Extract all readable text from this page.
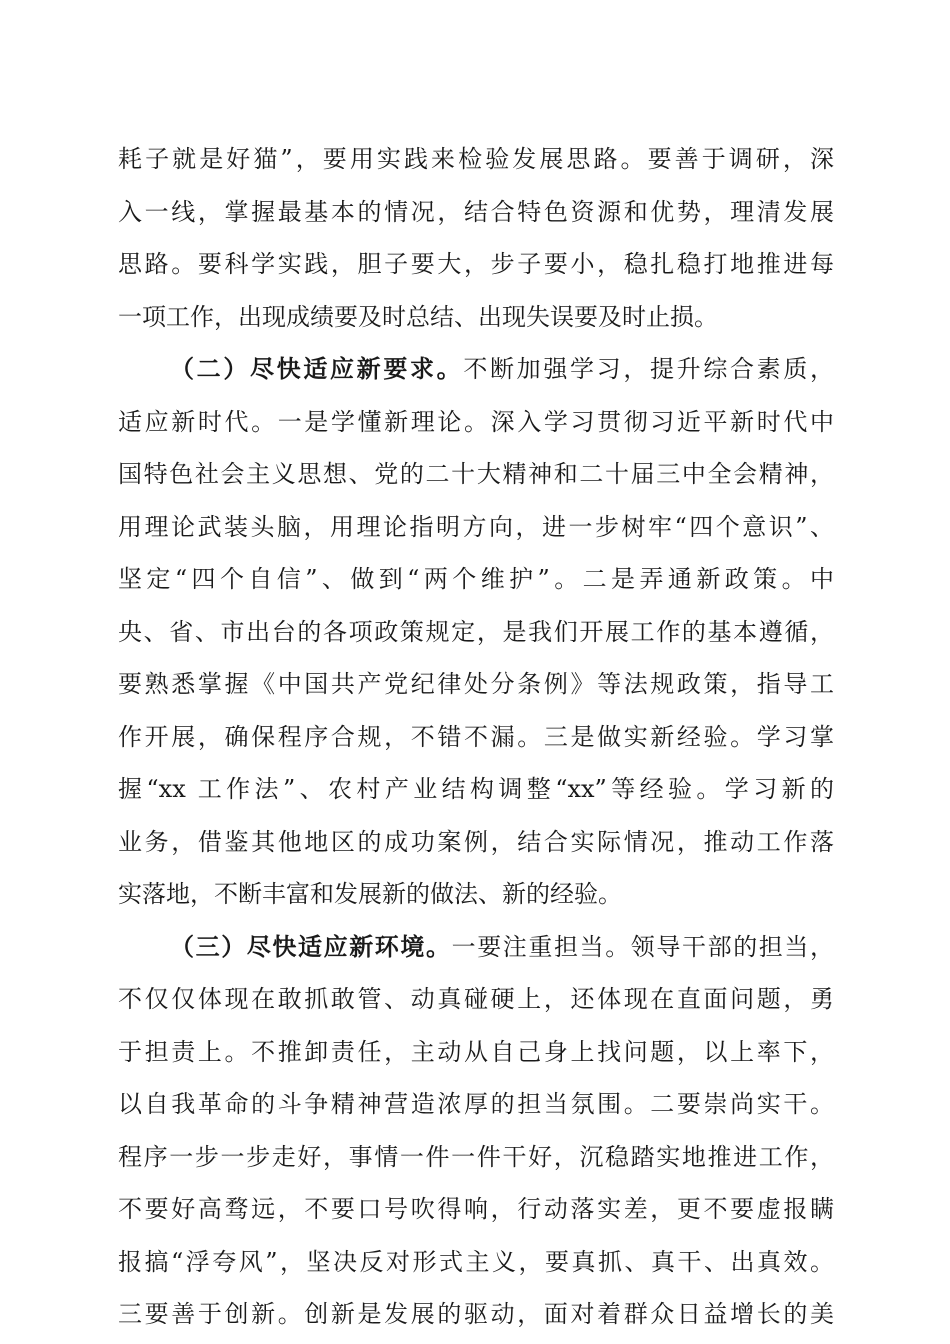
耗子就是好猫”，要用实践来检验发展思路。要善于调研，深
入一线，掌握最基本的情况，结合特色资源和优势，理清发展
思路。要科学实践，胆子要大，步子要小，稳扎稳打地推进每
一项工作，出现成绩要及时总结、出现失误要及时止损。
（二）尽快适应新要求。不断加强学习，提升综合素质，
适应新时代。一是学懂新理论。深入学习贯彻习近平新时代中
国特色社会主义思想、党的二十大精神和二十届三中全会精神，
用理论武装头脑，用理论指明方向，进一步树牢“四个意识”、
坚定“四个自信”、做到“两个维护”。二是弄通新政策。中
央、省、市出台的各项政策规定，是我们开展工作的基本遵循，
要熟悉掌握《中国共产党纪律处分条例》等法规政策，指导工
作开展，确保程序合规，不错不漏。三是做实新经验。学习掌
握“xx 工作法”、农村产业结构调整“xx”等经验。学习新的
业务，借鉴其他地区的成功案例，结合实际情况，推动工作落
实落地，不断丰富和发展新的做法、新的经验。
（三）尽快适应新环境。一要注重担当。领导干部的担当，
不仅仅体现在敢抓敢管、动真碰硬上，还体现在直面问题，勇
于担责上。不推卸责任，主动从自己身上找问题，以上率下，
以自我革命的斗争精神营造浓厚的担当氛围。二要崇尚实干。
程序一步一步走好，事情一件一件干好，沉稳踏实地推进工作，
不要好高骛远，不要口号吹得响，行动落实差，更不要虚报瞒
报搞“浮夸风”，坚决反对形式主义，要真抓、真干、出真效。
三要善于创新。创新是发展的驱动，面对着群众日益增长的美
